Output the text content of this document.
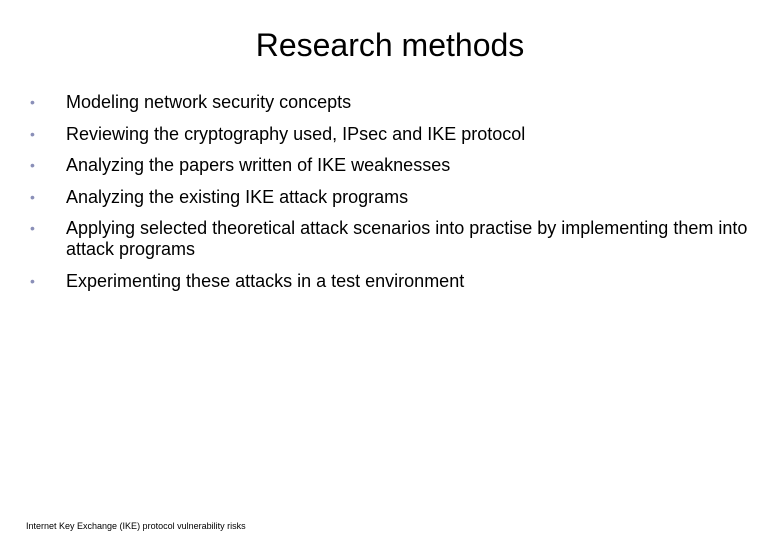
Research methods
•	Modeling network security concepts
•	Reviewing the cryptography used, IPsec and IKE protocol
•	Analyzing the papers written of IKE weaknesses
•	Analyzing the existing IKE attack programs
•	Applying selected theoretical attack scenarios into practise by implementing them into attack programs
•	Experimenting these attacks in a test environment
Internet Key Exchange (IKE) protocol vulnerability risks
